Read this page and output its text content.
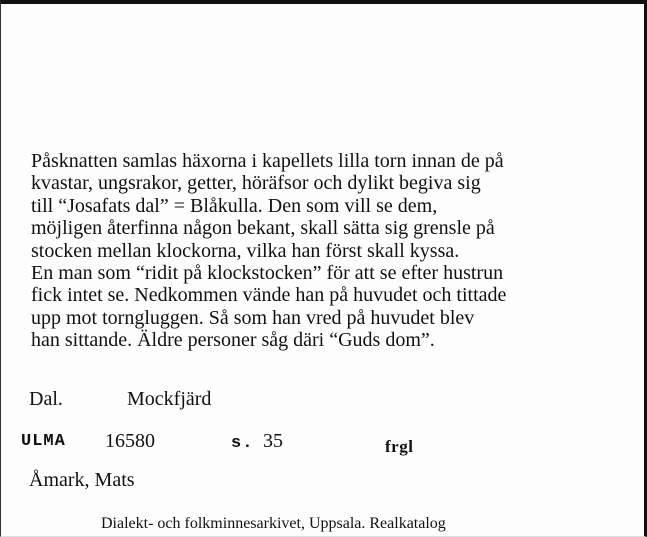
Påsknatten samlas häxorna i kapellets lilla torn innan de på
kvastar, ungsrakor, getter, höräfsor och dylikt begiva sig
till “Josafats dal” = Blåkulla. Den som vill se dem,
möjligen återfinna någon bekant, skall sätta sig grensle på
stocken mellan klockorna, vilka han först skall kyssa.
En man som “ridit på klockstocken” för att se efter hustrun
fick intet se. Nedkommen vände han på huvudet och tittade
upp mot torngluggen. Så som han vred på huvudet blev
han sittande. Äldre personer såg däri “Guds dom”.
Dal.	Mockfjärd
ULMA 16580	s. 35	frgl
Åmark, Mats
Dialekt- och folkminnesarkivet, Uppsala. Realkatalog
